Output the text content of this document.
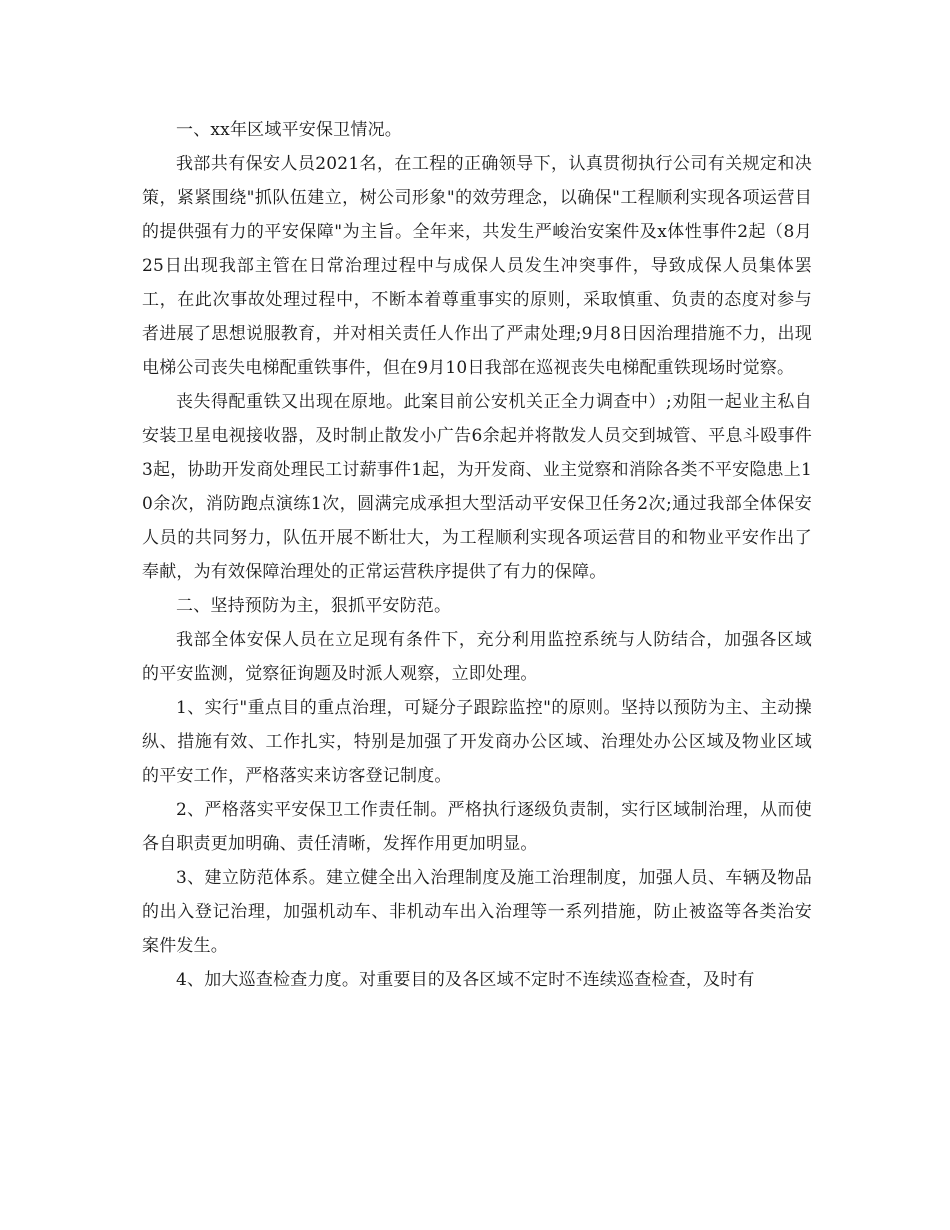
一、xx年区域平安保卫情况。

我部共有保安人员2021名，在工程的正确领导下，认真贯彻执行公司有关规定和决策，紧紧围绕"抓队伍建立，树公司形象"的效劳理念，以确保"工程顺利实现各项运营目的提供强有力的平安保障"为主旨。全年来，共发生严峻治安案件及x体性事件2起（8月25日出现我部主管在日常治理过程中与成保人员发生冲突事件，导致成保人员集体罢工，在此次事故处理过程中，不断本着尊重事实的原则，采取慎重、负责的态度对参与者进展了思想说服教育，并对相关责任人作出了严肃处理;9月8日因治理措施不力，出现电梯公司丧失电梯配重铁事件，但在9月10日我部在巡视丧失电梯配重铁现场时觉察。

丧失得配重铁又出现在原地。此案目前公安机关正全力调查中）;劝阻一起业主私自安装卫星电视接收器，及时制止散发小广告6余起并将散发人员交到城管、平息斗殴事件3起，协助开发商处理民工讨薪事件1起，为开发商、业主觉察和消除各类不平安隐患上10余次，消防跑点演练1次，圆满完成承担大型活动平安保卫任务2次;通过我部全体保安人员的共同努力，队伍开展不断壮大，为工程顺利实现各项运营目的和物业平安作出了奉献，为有效保障治理处的正常运营秩序提供了有力的保障。

二、坚持预防为主，狠抓平安防范。

我部全体安保人员在立足现有条件下，充分利用监控系统与人防结合，加强各区域的平安监测，觉察征询题及时派人观察，立即处理。

1、实行"重点目的重点治理，可疑分子跟踪监控"的原则。坚持以预防为主、主动操纵、措施有效、工作扎实，特别是加强了开发商办公区域、治理处办公区域及物业区域的平安工作，严格落实来访客登记制度。

2、严格落实平安保卫工作责任制。严格执行逐级负责制，实行区域制治理，从而使各自职责更加明确、责任清晰，发挥作用更加明显。

3、建立防范体系。建立健全出入治理制度及施工治理制度，加强人员、车辆及物品的出入登记治理，加强机动车、非机动车出入治理等一系列措施，防止被盗等各类治安案件发生。

4、加大巡查检查力度。对重要目的及各区域不定时不连续巡查检查，及时有
